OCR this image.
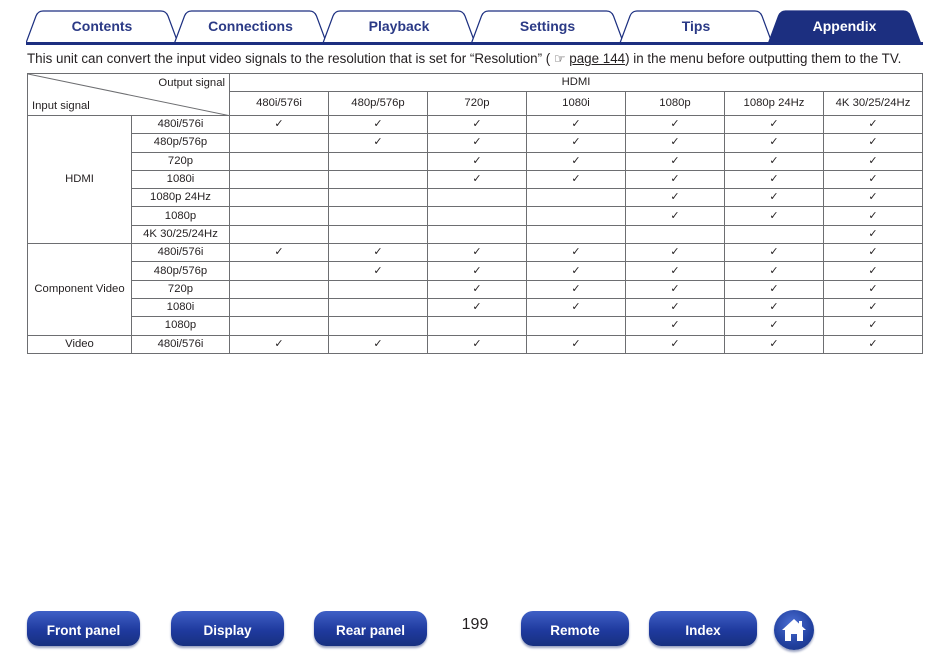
Contents	Connections	Playback	Settings	Tips	Appendix
This unit can convert the input video signals to the resolution that is set for “Resolution” ( ☞ page 144) in the menu before outputting them to the TV.
Output signal
Input signal		HDMI						
		480i/576i	480p/576p	720p	1080i	1080p	1080p 24Hz	4K 30/25/24Hz
HDMI	480i/576i	✓	✓	✓	✓	✓	✓	✓
	480p/576p		✓	✓	✓	✓	✓	✓
	720p			✓	✓	✓	✓	✓
	1080i			✓	✓	✓	✓	✓
	1080p 24Hz					✓	✓	✓
	1080p					✓	✓	✓
	4K 30/25/24Hz							✓
Component Video	480i/576i	✓	✓	✓	✓	✓	✓	✓
	480p/576p		✓	✓	✓	✓	✓	✓
	720p			✓	✓	✓	✓	✓
	1080i			✓	✓	✓	✓	✓
	1080p					✓	✓	✓
Video	480i/576i	✓	✓	✓	✓	✓	✓	✓
Front panel	Display	Rear panel	199	Remote	Index
